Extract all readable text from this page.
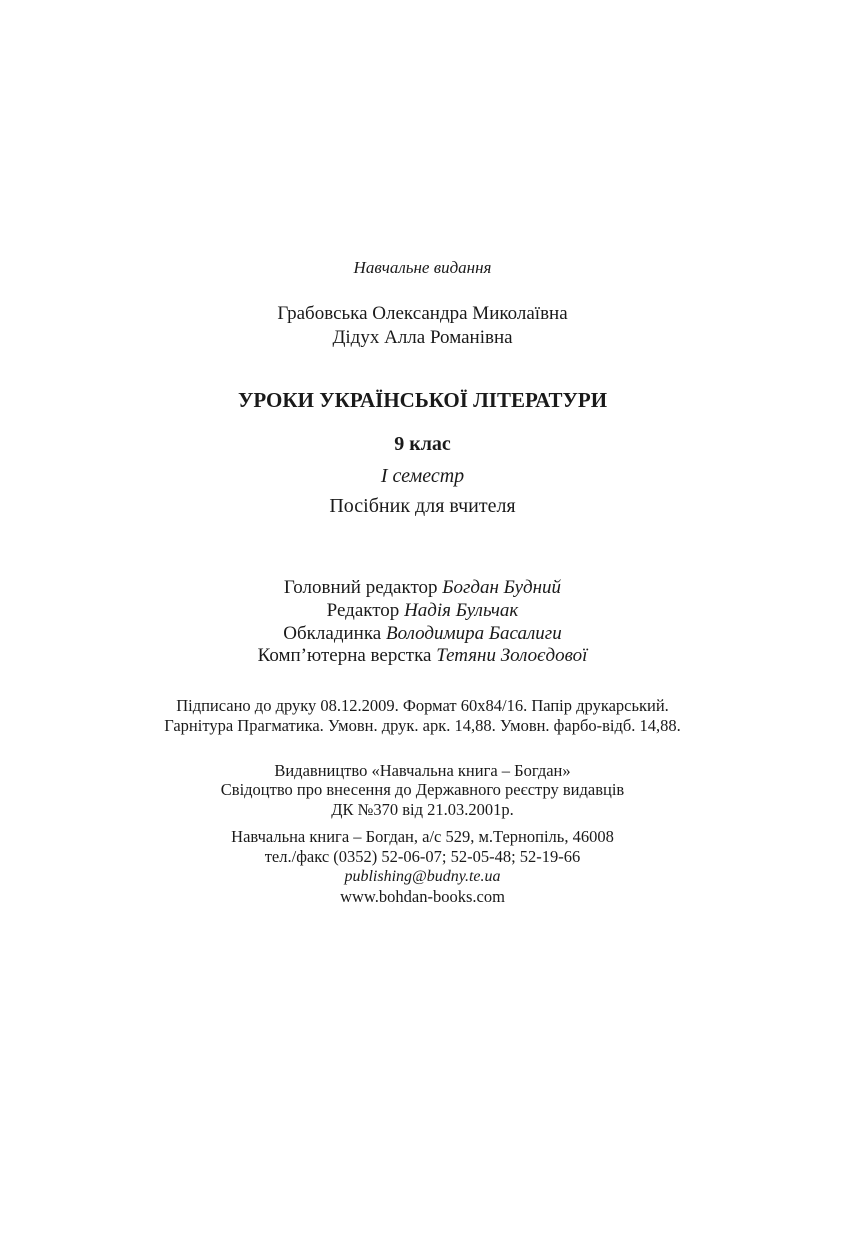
Навчальне видання
Грабовська Олександра Миколаївна
Дідух Алла Романівна
УРОКИ УКРАЇНСЬКОЇ ЛІТЕРАТУРИ
9 клас
І семестр
Посібник для вчителя
Головний редактор Богдан Будний
Редактор Надія Бульчак
Обкладинка Володимира Басалиги
Комп’ютерна верстка Тетяни Золоєдової
Підписано до друку 08.12.2009. Формат 60х84/16. Папір друкарський.
Гарнітура Прагматика. Умовн. друк. арк. 14,88. Умовн. фарбо-відб. 14,88.
Видавництво «Навчальна книга – Богдан»
Свідоцтво про внесення до Державного реєстру видавців
ДК №370 від 21.03.2001р.
Навчальна книга – Богдан, а/с 529, м.Тернопіль, 46008
тел./факс (0352) 52-06-07; 52-05-48; 52-19-66
publishing@budny.te.ua
www.bohdan-books.com
